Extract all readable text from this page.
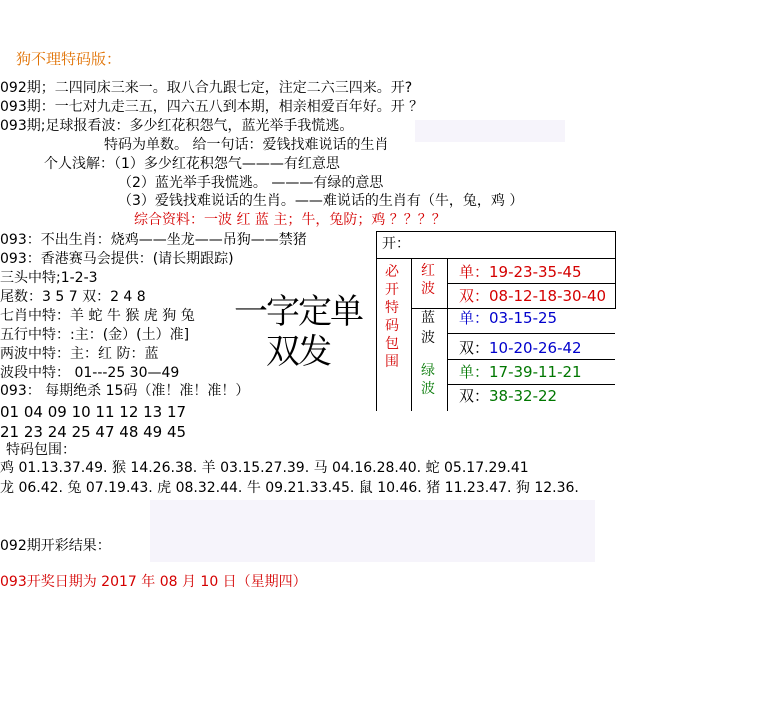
狗不理特码版：
092期；二四同床三来一。取八合九跟七定，注定二六三四来。开?
093期：一七对九走三五，四六五八到本期，相亲相爱百年好。开 ？
093期;足球报看波：多少红花积怨气，蓝光举手我慌逃。
特码为单数。 给一句话：爱钱找难说话的生肖
个人浅解：（1）多少红花积怨气———有红意思
（2）蓝光举手我慌逃。 ———有绿的意思
（3）爱钱找难说话的生肖。——难说话的生肖有（牛，兔，鸡 ）
综合资料：一波 红 蓝 主；牛，兔防；鸡 ？？？？
093：不出生肖：烧鸡——坐龙——吊狗——禁猪
093：香港赛马会提供：(请长期跟踪)
三头中特;1-2-3
尾数：3 5 7 双：2 4 8
七肖中特：羊 蛇 牛 猴 虎 狗 兔
五行中特：:主：(金）(土）准]
两波中特：主：红 防：蓝
波段中特： 01---25 30—49
093： 每期绝杀 15码（准！准！准！）
01 04 09 10 11 12 13 17
21 23 24 25 47 48 49 45
特码包围：
鸡 01.13.37.49. 猴 14.26.38. 羊 03.15.27.39. 马 04.16.28.40. 蛇 05.17.29.41
龙 06.42. 兔 07.19.43. 虎 08.32.44. 牛 09.21.33.45. 鼠 10.46. 猪 11.23.47. 狗 12.36.
092期开彩结果：
093开奖日期为 2017 年 08 月 10 日（星期四）
一字定单双发
开：
必
开
特
码
包
围
红
波
蓝
波
绿
波
单：19-23-35-45
双：08-12-18-30-40
单：03-15-25
双：10-20-26-42
单：17-39-11-21
双：38-32-22
